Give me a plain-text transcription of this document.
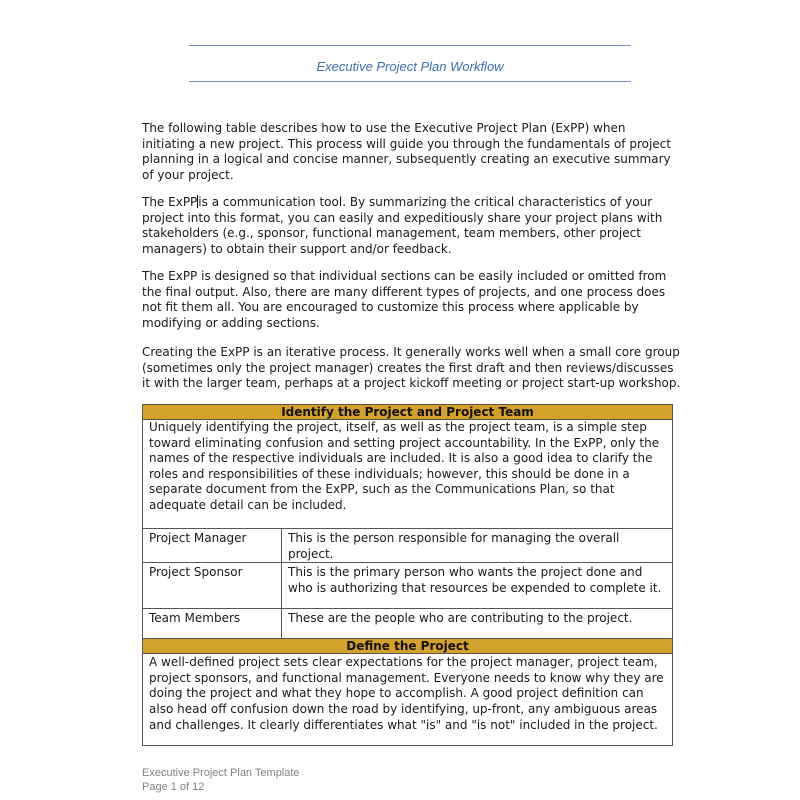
Executive Project Plan Workflow

The following table describes how to use the Executive Project Plan (ExPP) when initiating a new project. This process will guide you through the fundamentals of project planning in a logical and concise manner, subsequently creating an executive summary of your project.

The ExPPis a communication tool. By summarizing the critical characteristics of your project into this format, you can easily and expeditiously share your project plans with stakeholders (e.g., sponsor, functional management, team members, other project managers) to obtain their support and/or feedback.

The ExPP is designed so that individual sections can be easily included or omitted from the final output. Also, there are many different types of projects, and one process does not fit them all. You are encouraged to customize this process where applicable by modifying or adding sections.

Creating the ExPP is an iterative process. It generally works well when a small core group (sometimes only the project manager) creates the first draft and then reviews/discusses it with the larger team, perhaps at a project kickoff meeting or project start-up workshop.

Identify the Project and Project Team	
Uniquely identifying the project, itself, as well as the project team, is a simple step toward eliminating confusion and setting project accountability. In the ExPP, only the names of the respective individuals are included. It is also a good idea to clarify the roles and responsibilities of these individuals; however, this should be done in a separate document from the ExPP, such as the Communications Plan, so that adequate detail can be included.	
Project Manager	This is the person responsible for managing the overall project.
Project Sponsor	This is the primary person who wants the project done and who is authorizing that resources be expended to complete it.
Team Members	These are the people who are contributing to the project.
Define the Project	
A well-defined project sets clear expectations for the project manager, project team, project sponsors, and functional management. Everyone needs to know why they are doing the project and what they hope to accomplish. A good project definition can also head off confusion down the road by identifying, up-front, any ambiguous areas and challenges. It clearly differentiates what "is" and "is not" included in the project.	
Executive Project Plan Template
Page 1 of 12
